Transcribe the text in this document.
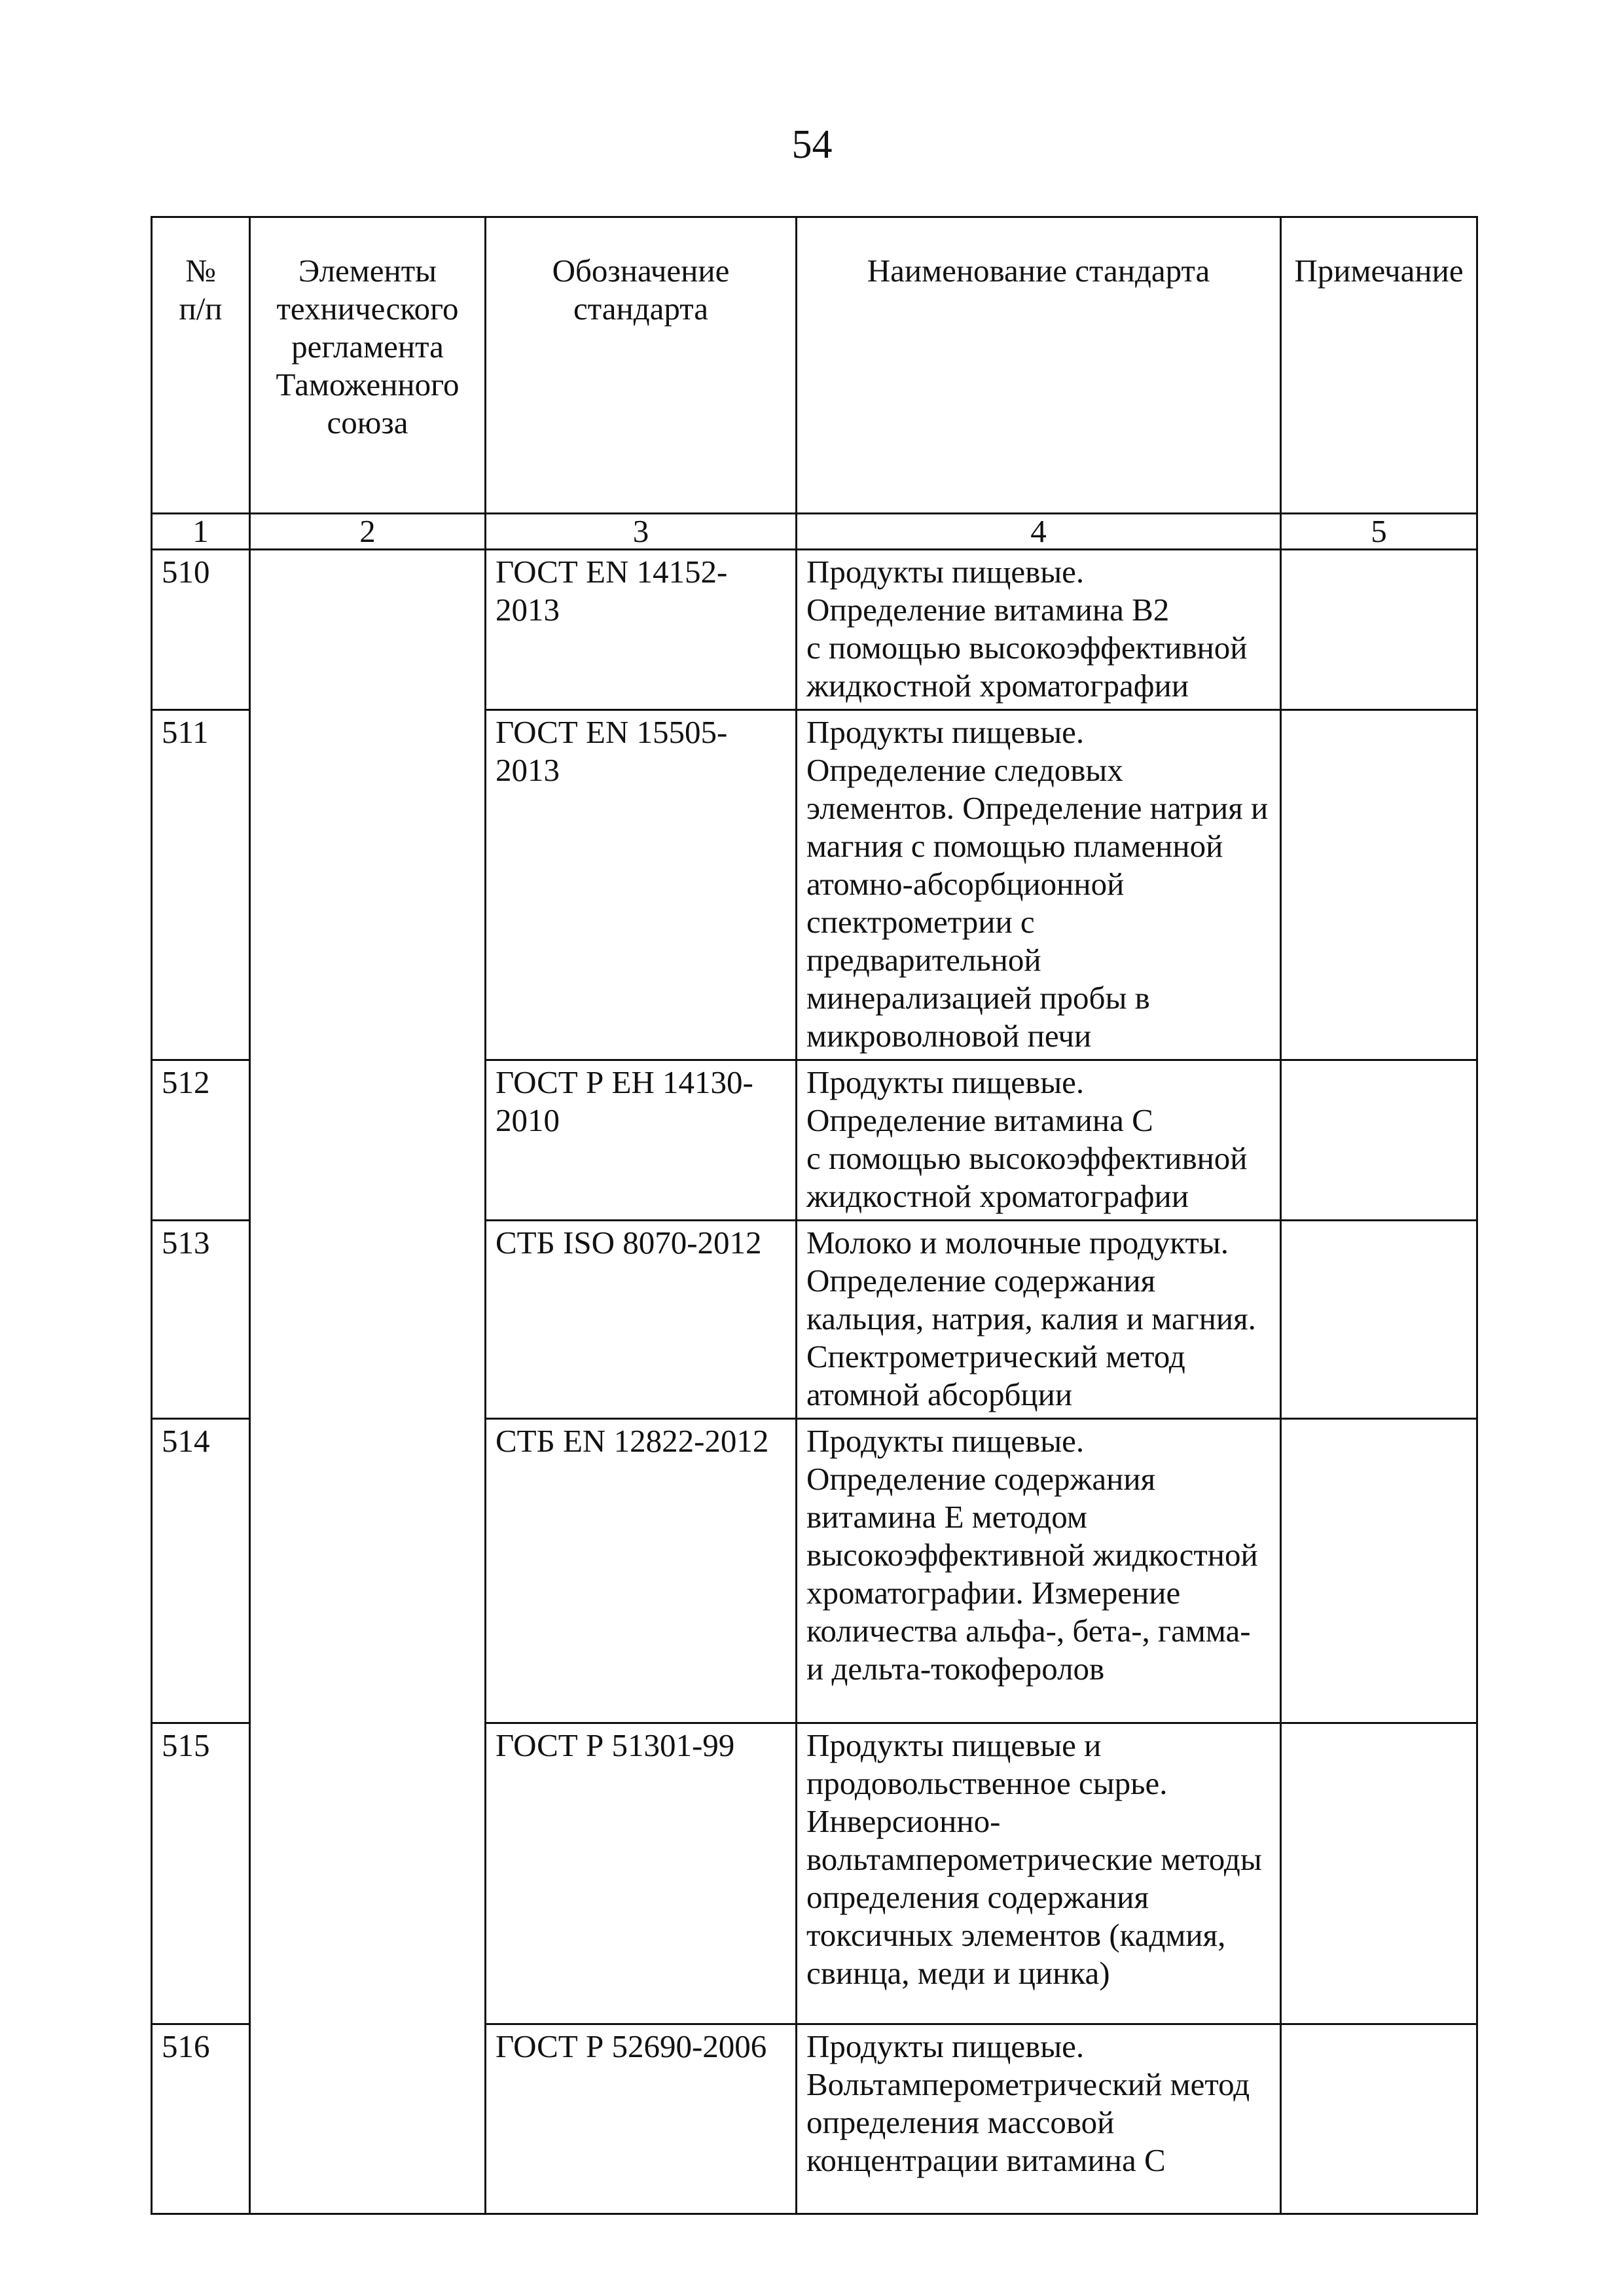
54
№
п/п	Элементы технического регламента Таможенного союза	Обозначение стандарта	Наименование стандарта	Примечание
1	2	3	4	5
510		ГОСТ EN 14152-2013	Продукты пищевые.
Определение витамина В2
с помощью высокоэффективной жидкостной хроматографии	
511		ГОСТ EN 15505-2013	Продукты пищевые. Определение следовых элементов. Определение натрия и магния с помощью пламенной атомно-абсорбционной спектрометрии с предварительной минерализацией пробы в микроволновой печи	
512		ГОСТ Р ЕН 14130-2010	Продукты пищевые.
Определение витамина С
с помощью высокоэффективной жидкостной хроматографии	
513		СТБ ISO 8070-2012	Молоко и молочные продукты. Определение содержания кальция, натрия, калия и магния. Спектрометрический метод атомной абсорбции	
514		СТБ EN 12822-2012	Продукты пищевые. Определение содержания витамина Е методом высокоэффективной жидкостной хроматографии. Измерение количества альфа-, бета-, гамма- и дельта-токоферолов	
515		ГОСТ Р 51301-99	Продукты пищевые и продовольственное сырье. Инверсионно-вольтамперометрические методы определения содержания токсичных элементов (кадмия, свинца, меди и цинка)	
516		ГОСТ Р 52690-2006	Продукты пищевые. Вольтамперометрический метод определения массовой концентрации витамина С	
